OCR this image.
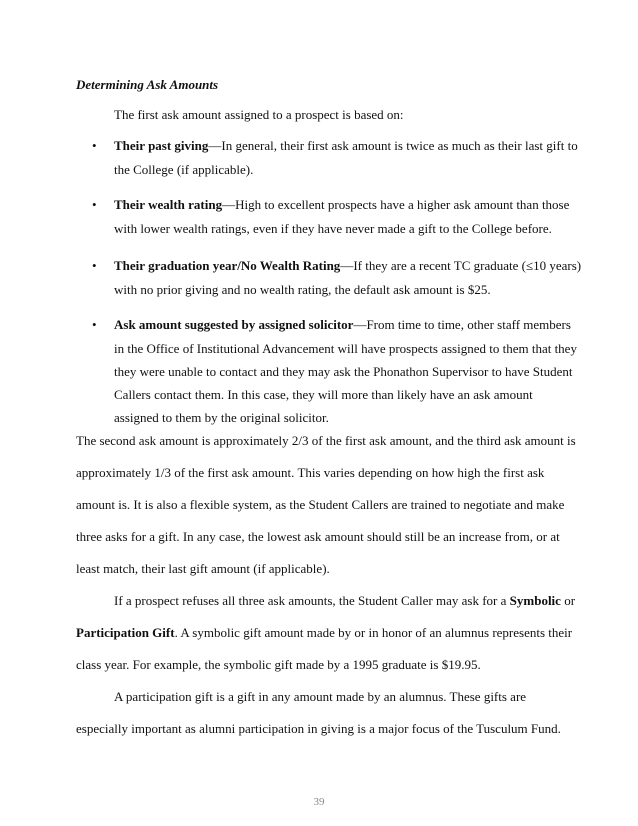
Determining Ask Amounts
The first ask amount assigned to a prospect is based on:
• Their past giving—In general, their first ask amount is twice as much as their last gift to
the College (if applicable).
• Their wealth rating—High to excellent prospects have a higher ask amount than those
with lower wealth ratings, even if they have never made a gift to the College before.
• Their graduation year/No Wealth Rating—If they are a recent TC graduate (≤10 years)
with no prior giving and no wealth rating, the default ask amount is $25.
• Ask amount suggested by assigned solicitor—From time to time, other staff members
in the Office of Institutional Advancement will have prospects assigned to them that they
they were unable to contact and they may ask the Phonathon Supervisor to have Student
Callers contact them. In this case, they will more than likely have an ask amount
assigned to them by the original solicitor.
The second ask amount is approximately 2/3 of the first ask amount, and the third ask amount is
approximately 1/3 of the first ask amount. This varies depending on how high the first ask
amount is. It is also a flexible system, as the Student Callers are trained to negotiate and make
three asks for a gift. In any case, the lowest ask amount should still be an increase from, or at
least match, their last gift amount (if applicable).
If a prospect refuses all three ask amounts, the Student Caller may ask for a Symbolic or
Participation Gift. A symbolic gift amount made by or in honor of an alumnus represents their
class year. For example, the symbolic gift made by a 1995 graduate is $19.95.
A participation gift is a gift in any amount made by an alumnus. These gifts are
especially important as alumni participation in giving is a major focus of the Tusculum Fund.
39
